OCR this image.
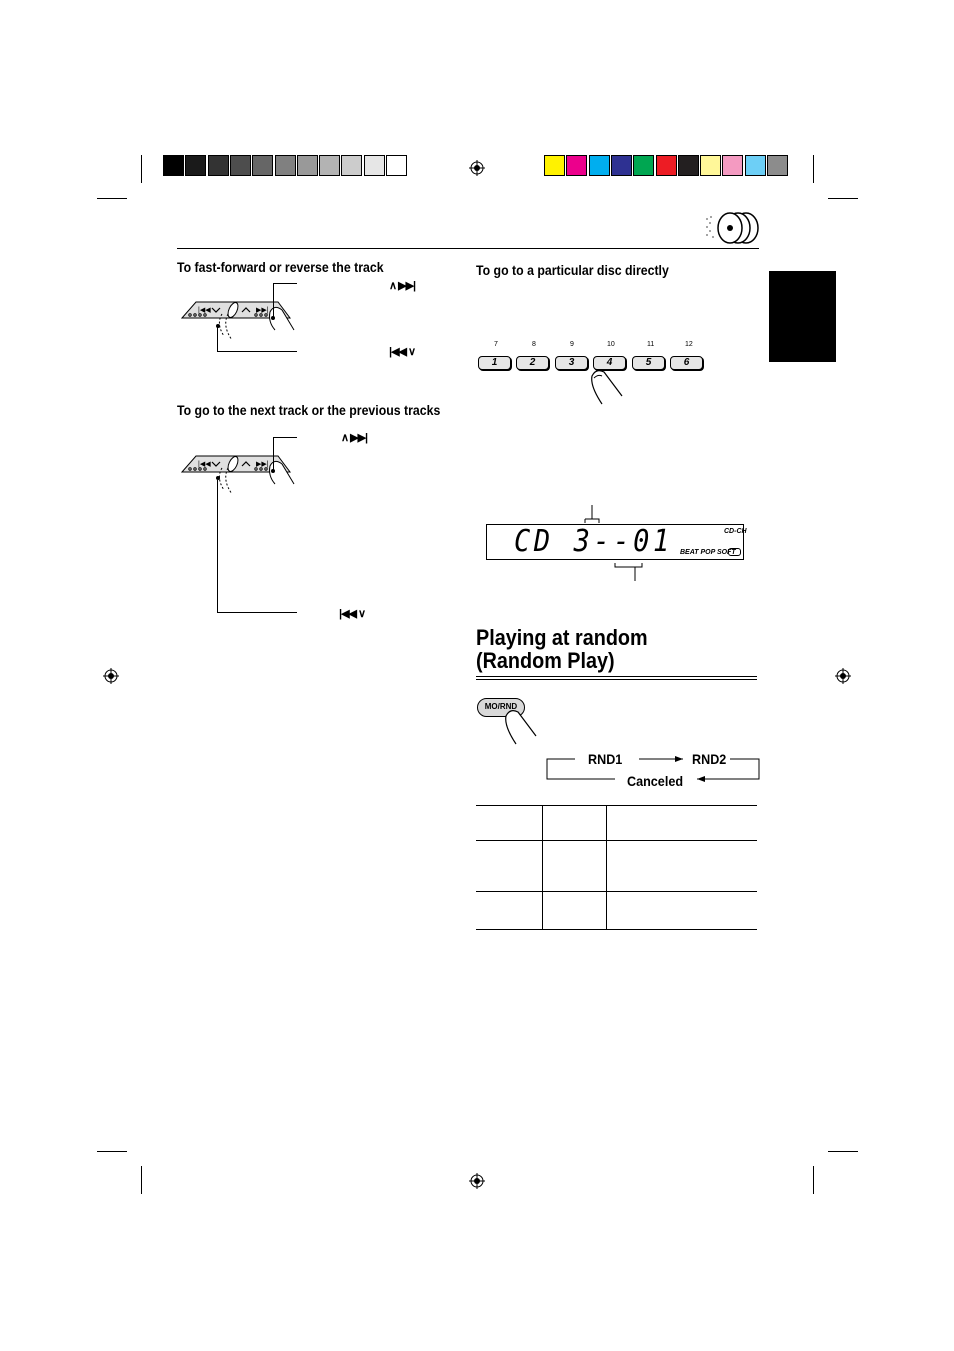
To fast-forward or reverse the track
|◀◀	▶▶|
∧ ▶▶|
|◀◀ ∨
To go to the next track or the previous tracks
|◀◀	▶▶|
∧ ▶▶|
|◀◀ ∨
To go to a particular disc directly
7	8	9	10	11	12
1	2	3	4	5	6
CD 3--01	CD-CH
BEAT POP SOFT
Playing at random
(Random Play)
MO/RND
RND1	RND2
Canceled
